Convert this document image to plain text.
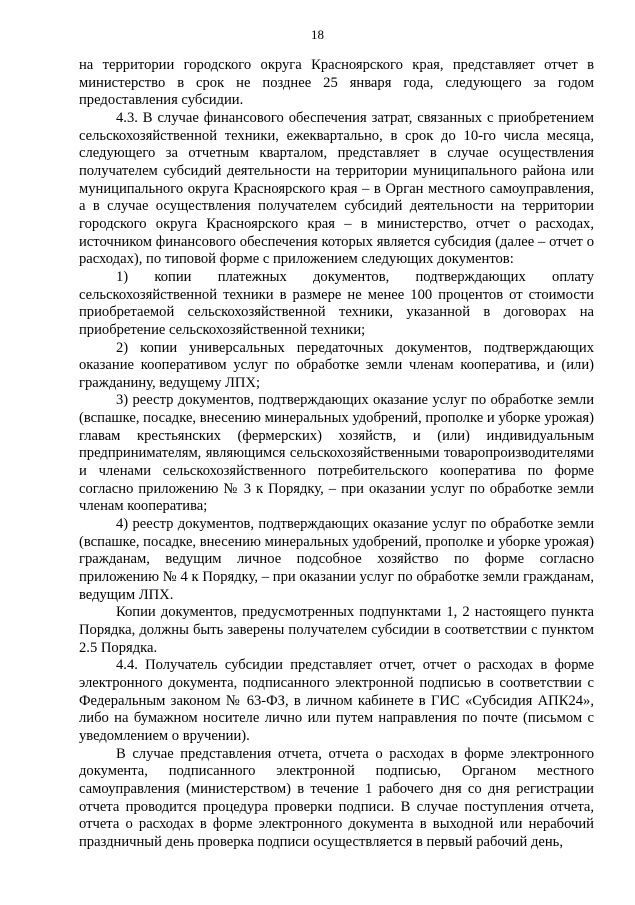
18

на территории городского округа Красноярского края, представляет отчет в министерство в срок не позднее 25 января года, следующего за годом предоставления субсидии.

4.3. В случае финансового обеспечения затрат, связанных с приобретением сельскохозяйственной техники, ежеквартально, в срок до 10-го числа месяца, следующего за отчетным кварталом, представляет в случае осуществления получателем субсидий деятельности на территории муниципального района или муниципального округа Красноярского края – в Орган местного самоуправления, а в случае осуществления получателем субсидий деятельности на территории городского округа Красноярского края – в министерство, отчет о расходах, источником финансового обеспечения которых является субсидия (далее – отчет о расходах), по типовой форме с приложением следующих документов:

1) копии платежных документов, подтверждающих оплату сельскохозяйственной техники в размере не менее 100 процентов от стоимости приобретаемой сельскохозяйственной техники, указанной в договорах на приобретение сельскохозяйственной техники;

2) копии универсальных передаточных документов, подтверждающих оказание кооперативом услуг по обработке земли членам кооператива, и (или) гражданину, ведущему ЛПХ;

3) реестр документов, подтверждающих оказание услуг по обработке земли (вспашке, посадке, внесению минеральных удобрений, прополке и уборке урожая) главам крестьянских (фермерских) хозяйств, и (или) индивидуальным предпринимателям, являющимся сельскохозяйственными товаропроизводителями и членами сельскохозяйственного потребительского кооператива по форме согласно приложению № 3 к Порядку, – при оказании услуг по обработке земли членам кооператива;

4) реестр документов, подтверждающих оказание услуг по обработке земли (вспашке, посадке, внесению минеральных удобрений, прополке и уборке урожая) гражданам, ведущим личное подсобное хозяйство по форме согласно приложению № 4 к Порядку, – при оказании услуг по обработке земли гражданам, ведущим ЛПХ.

Копии документов, предусмотренных подпунктами 1, 2 настоящего пункта Порядка, должны быть заверены получателем субсидии в соответствии с пунктом 2.5 Порядка.

4.4. Получатель субсидии представляет отчет, отчет о расходах в форме электронного документа, подписанного электронной подписью в соответствии с Федеральным законом № 63-ФЗ, в личном кабинете в ГИС «Субсидия АПК24», либо на бумажном носителе лично или путем направления по почте (письмом с уведомлением о вручении).

В случае представления отчета, отчета о расходах в форме электронного документа, подписанного электронной подписью, Органом местного самоуправления (министерством) в течение 1 рабочего дня со дня регистрации отчета проводится процедура проверки подписи. В случае поступления отчета, отчета о расходах в форме электронного документа в выходной или нерабочий праздничный день проверка подписи осуществляется в первый рабочий день,
